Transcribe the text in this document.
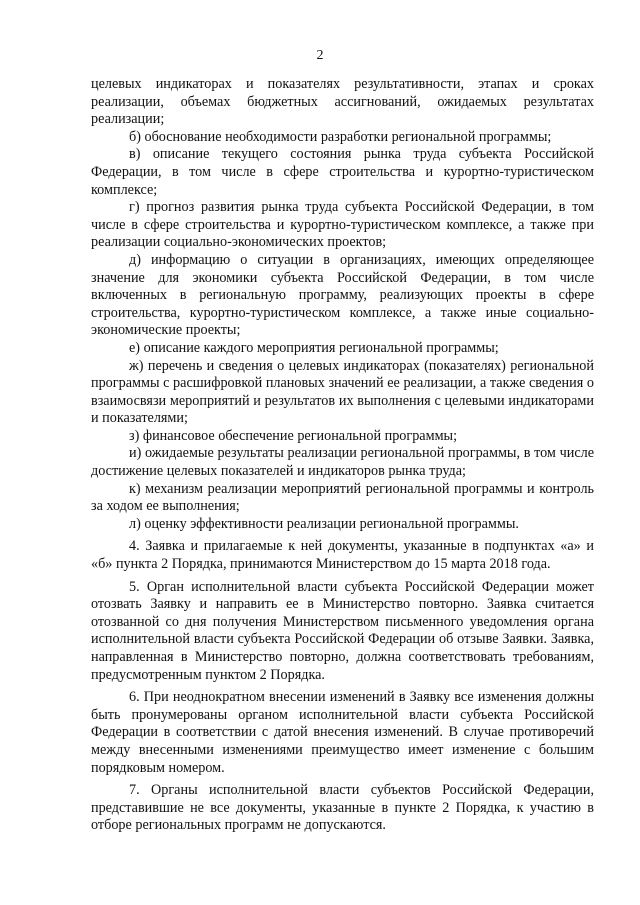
2

целевых индикаторах и показателях результативности, этапах и сроках реализации, объемах бюджетных ассигнований, ожидаемых результатах реализации;

б) обоснование необходимости разработки региональной программы;

в) описание текущего состояния рынка труда субъекта Российской Федерации, в том числе в сфере строительства и курортно-туристическом комплексе;

г) прогноз развития рынка труда субъекта Российской Федерации, в том числе в сфере строительства и курортно-туристическом комплексе, а также при реализации социально-экономических проектов;

д) информацию о ситуации в организациях, имеющих определяющее значение для экономики субъекта Российской Федерации, в том числе включенных в региональную программу, реализующих проекты в сфере строительства, курортно-туристическом комплексе, а также иные социально-экономические проекты;

е) описание каждого мероприятия региональной программы;

ж) перечень и сведения о целевых индикаторах (показателях) региональной программы с расшифровкой плановых значений ее реализации, а также сведения о взаимосвязи мероприятий и результатов их выполнения с целевыми индикаторами и показателями;

з) финансовое обеспечение региональной программы;

и) ожидаемые результаты реализации региональной программы, в том числе достижение целевых показателей и индикаторов рынка труда;

к) механизм реализации мероприятий региональной программы и контроль за ходом ее выполнения;

л) оценку эффективности реализации региональной программы.

4. Заявка и прилагаемые к ней документы, указанные в подпунктах «а» и «б» пункта 2 Порядка, принимаются Министерством до 15 марта 2018 года.

5. Орган исполнительной власти субъекта Российской Федерации может отозвать Заявку и направить ее в Министерство повторно. Заявка считается отозванной со дня получения Министерством письменного уведомления органа исполнительной власти субъекта Российской Федерации об отзыве Заявки. Заявка, направленная в Министерство повторно, должна соответствовать требованиям, предусмотренным пунктом 2 Порядка.

6. При неоднократном внесении изменений в Заявку все изменения должны быть пронумерованы органом исполнительной власти субъекта Российской Федерации в соответствии с датой внесения изменений. В случае противоречий между внесенными изменениями преимущество имеет изменение с большим порядковым номером.

7. Органы исполнительной власти субъектов Российской Федерации, представившие не все документы, указанные в пункте 2 Порядка, к участию в отборе региональных программ не допускаются.
